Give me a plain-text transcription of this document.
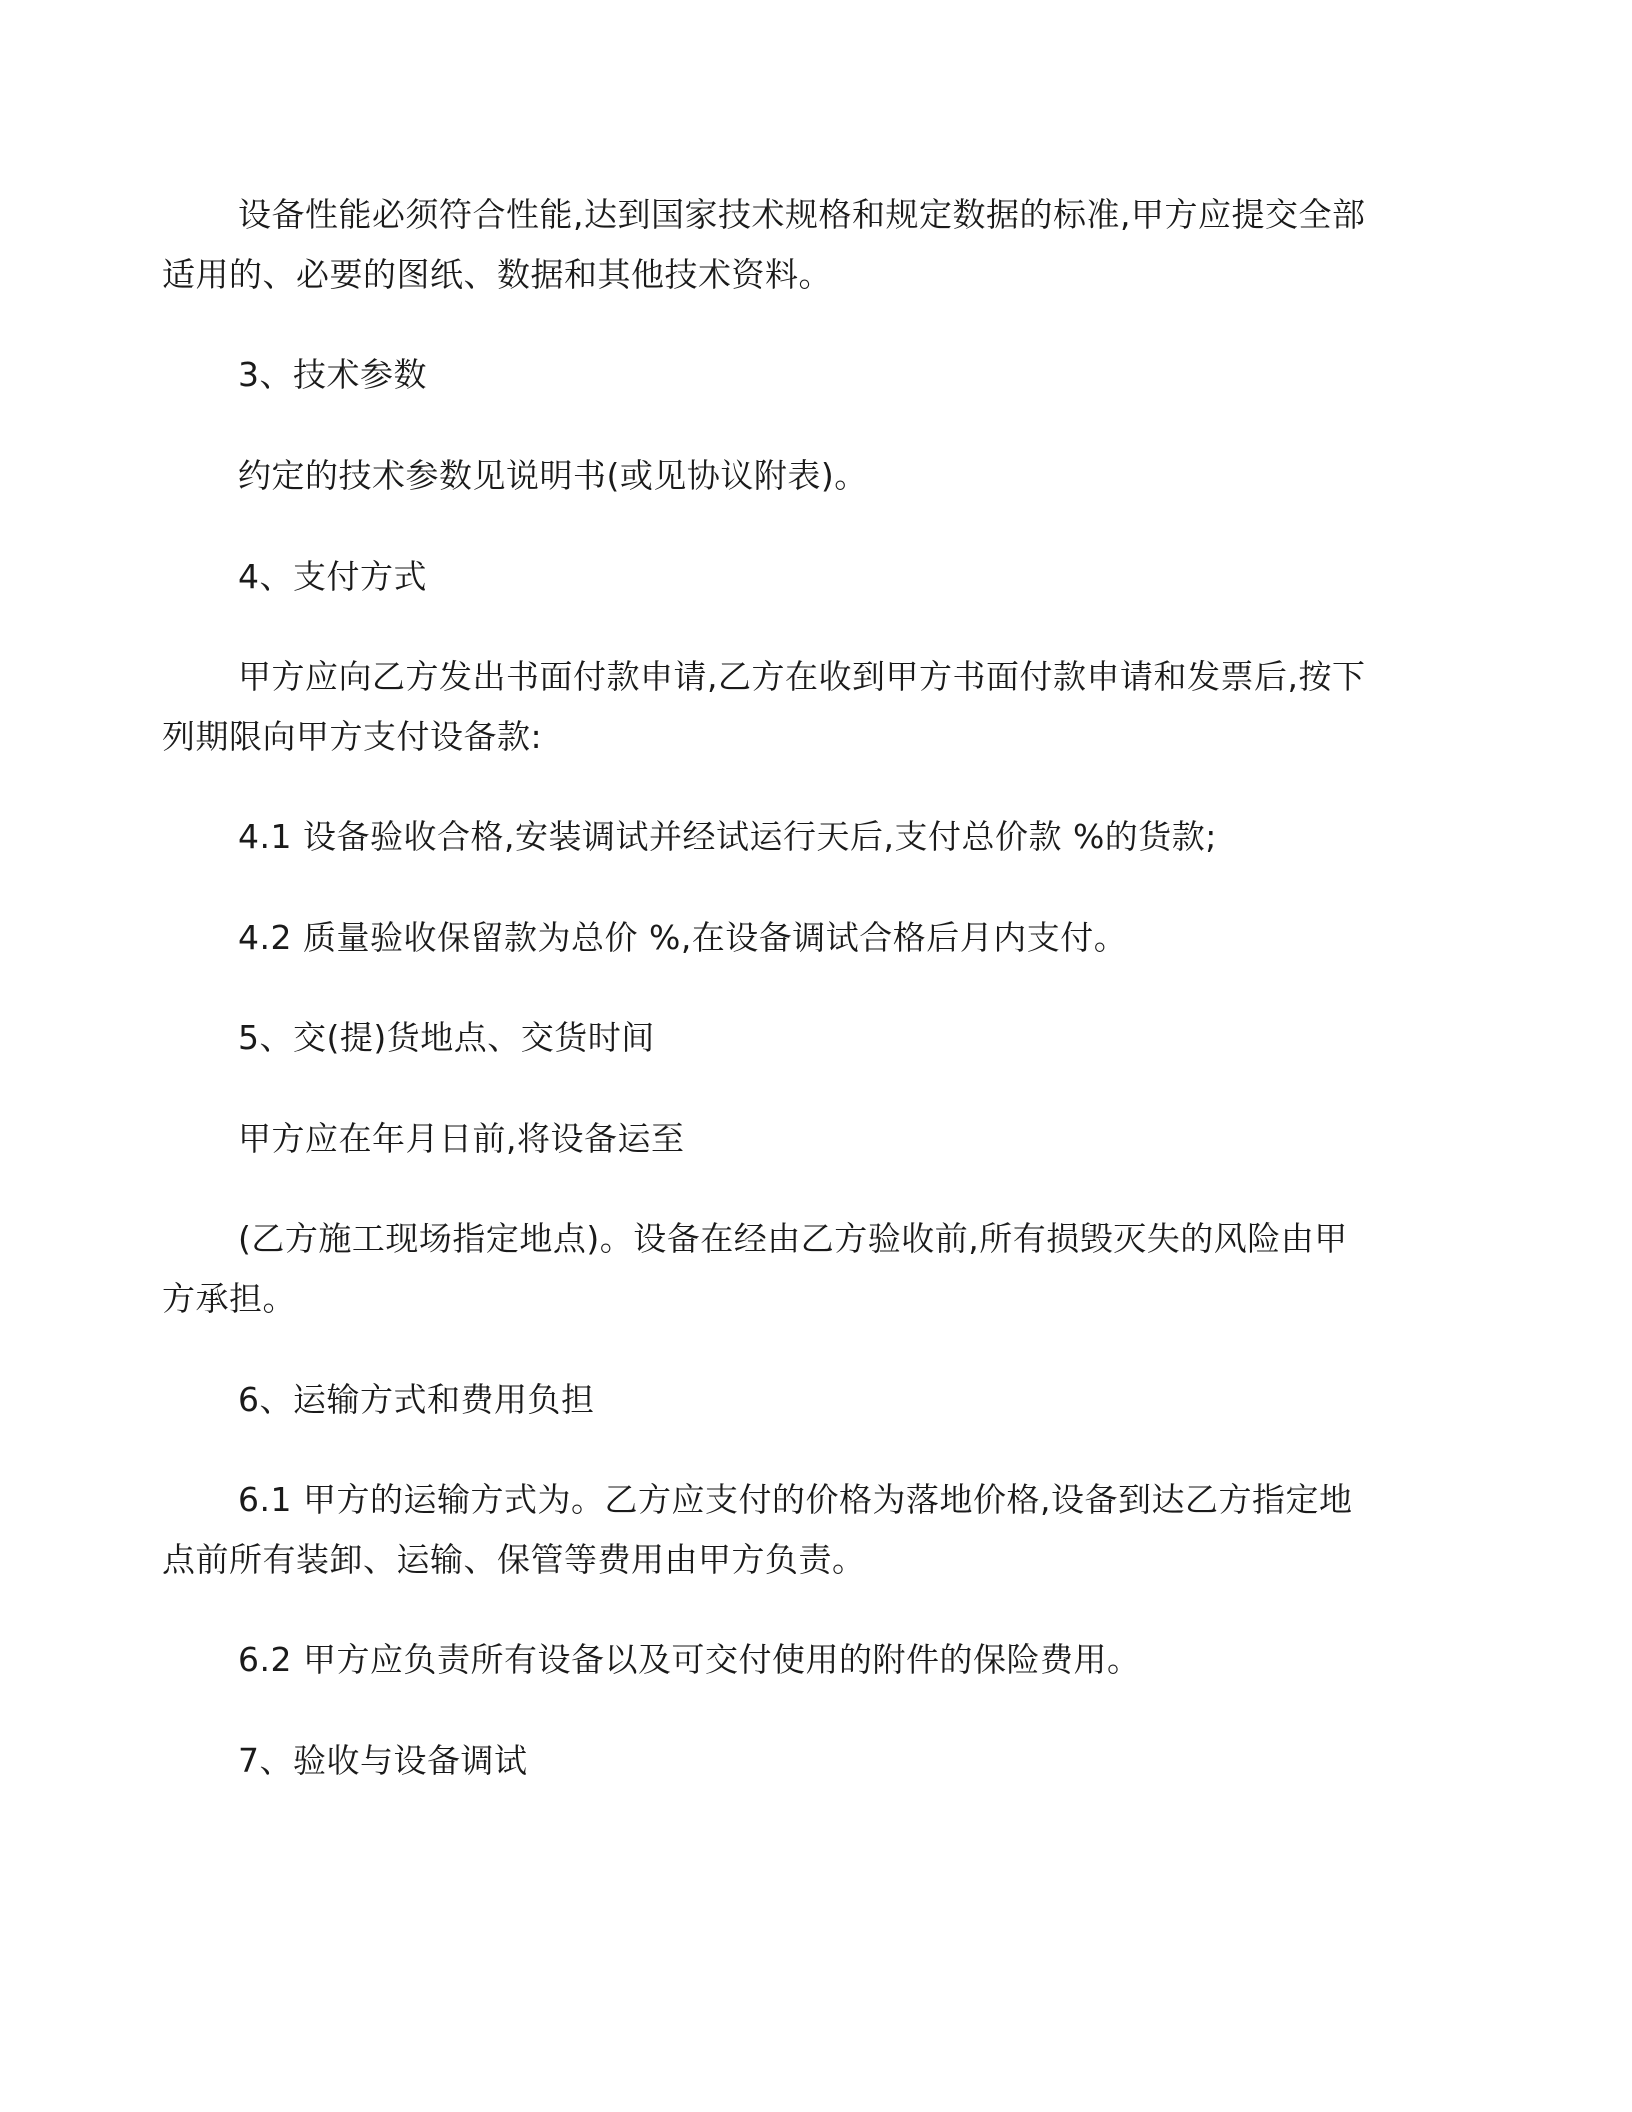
设备性能必须符合性能,达到国家技术规格和规定数据的标准,甲方应提交全部
适用的、必要的图纸、数据和其他技术资料。

3、技术参数

约定的技术参数见说明书(或见协议附表)。

4、支付方式

甲方应向乙方发出书面付款申请,乙方在收到甲方书面付款申请和发票后,按下
列期限向甲方支付设备款:

4.1 设备验收合格,安装调试并经试运行天后,支付总价款 %的货款;

4.2 质量验收保留款为总价 %,在设备调试合格后月内支付。

5、交(提)货地点、交货时间

甲方应在年月日前,将设备运至

(乙方施工现场指定地点)。设备在经由乙方验收前,所有损毁灭失的风险由甲
方承担。

6、运输方式和费用负担

6.1 甲方的运输方式为。乙方应支付的价格为落地价格,设备到达乙方指定地
点前所有装卸、运输、保管等费用由甲方负责。

6.2 甲方应负责所有设备以及可交付使用的附件的保险费用。

7、验收与设备调试
